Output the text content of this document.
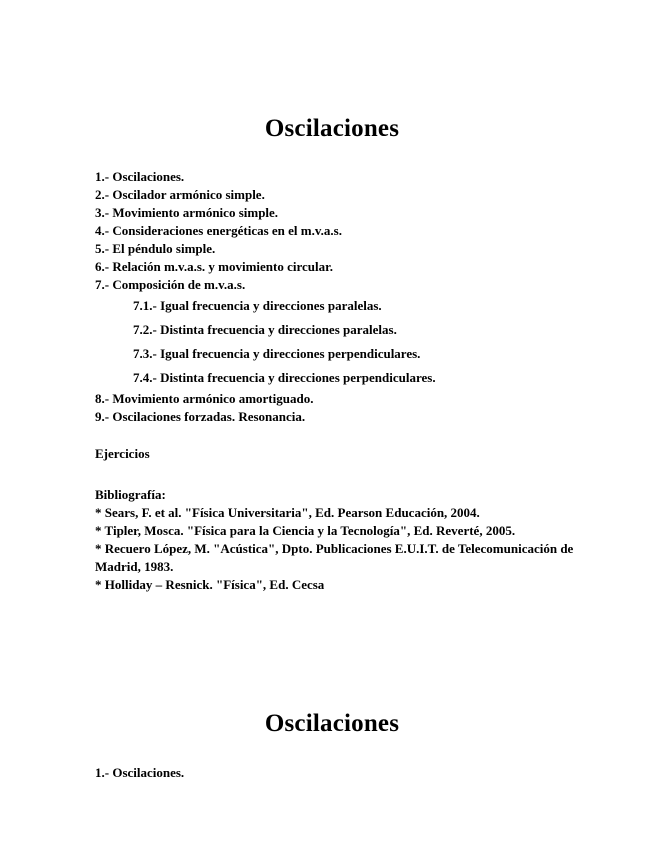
Oscilaciones
1.- Oscilaciones.
2.- Oscilador armónico simple.
3.- Movimiento armónico simple.
4.- Consideraciones energéticas en el m.v.a.s.
5.- El péndulo simple.
6.- Relación m.v.a.s. y movimiento circular.
7.- Composición de m.v.a.s.
7.1.- Igual frecuencia y direcciones paralelas.
7.2.- Distinta frecuencia y direcciones paralelas.
7.3.- Igual frecuencia y direcciones perpendiculares.
7.4.- Distinta frecuencia y direcciones perpendiculares.
8.- Movimiento armónico amortiguado.
9.- Oscilaciones forzadas. Resonancia.
Ejercicios

Bibliografía:

* Sears, F. et al. "Física Universitaria", Ed. Pearson Educación, 2004.

* Tipler, Mosca. "Física para la Ciencia y la Tecnología", Ed. Reverté, 2005.

* Recuero López, M. "Acústica", Dpto. Publicaciones E.U.I.T. de Telecomunicación de Madrid, 1983.

* Holliday – Resnick. "Física", Ed. Cecsa

Oscilaciones
1.- Oscilaciones.
